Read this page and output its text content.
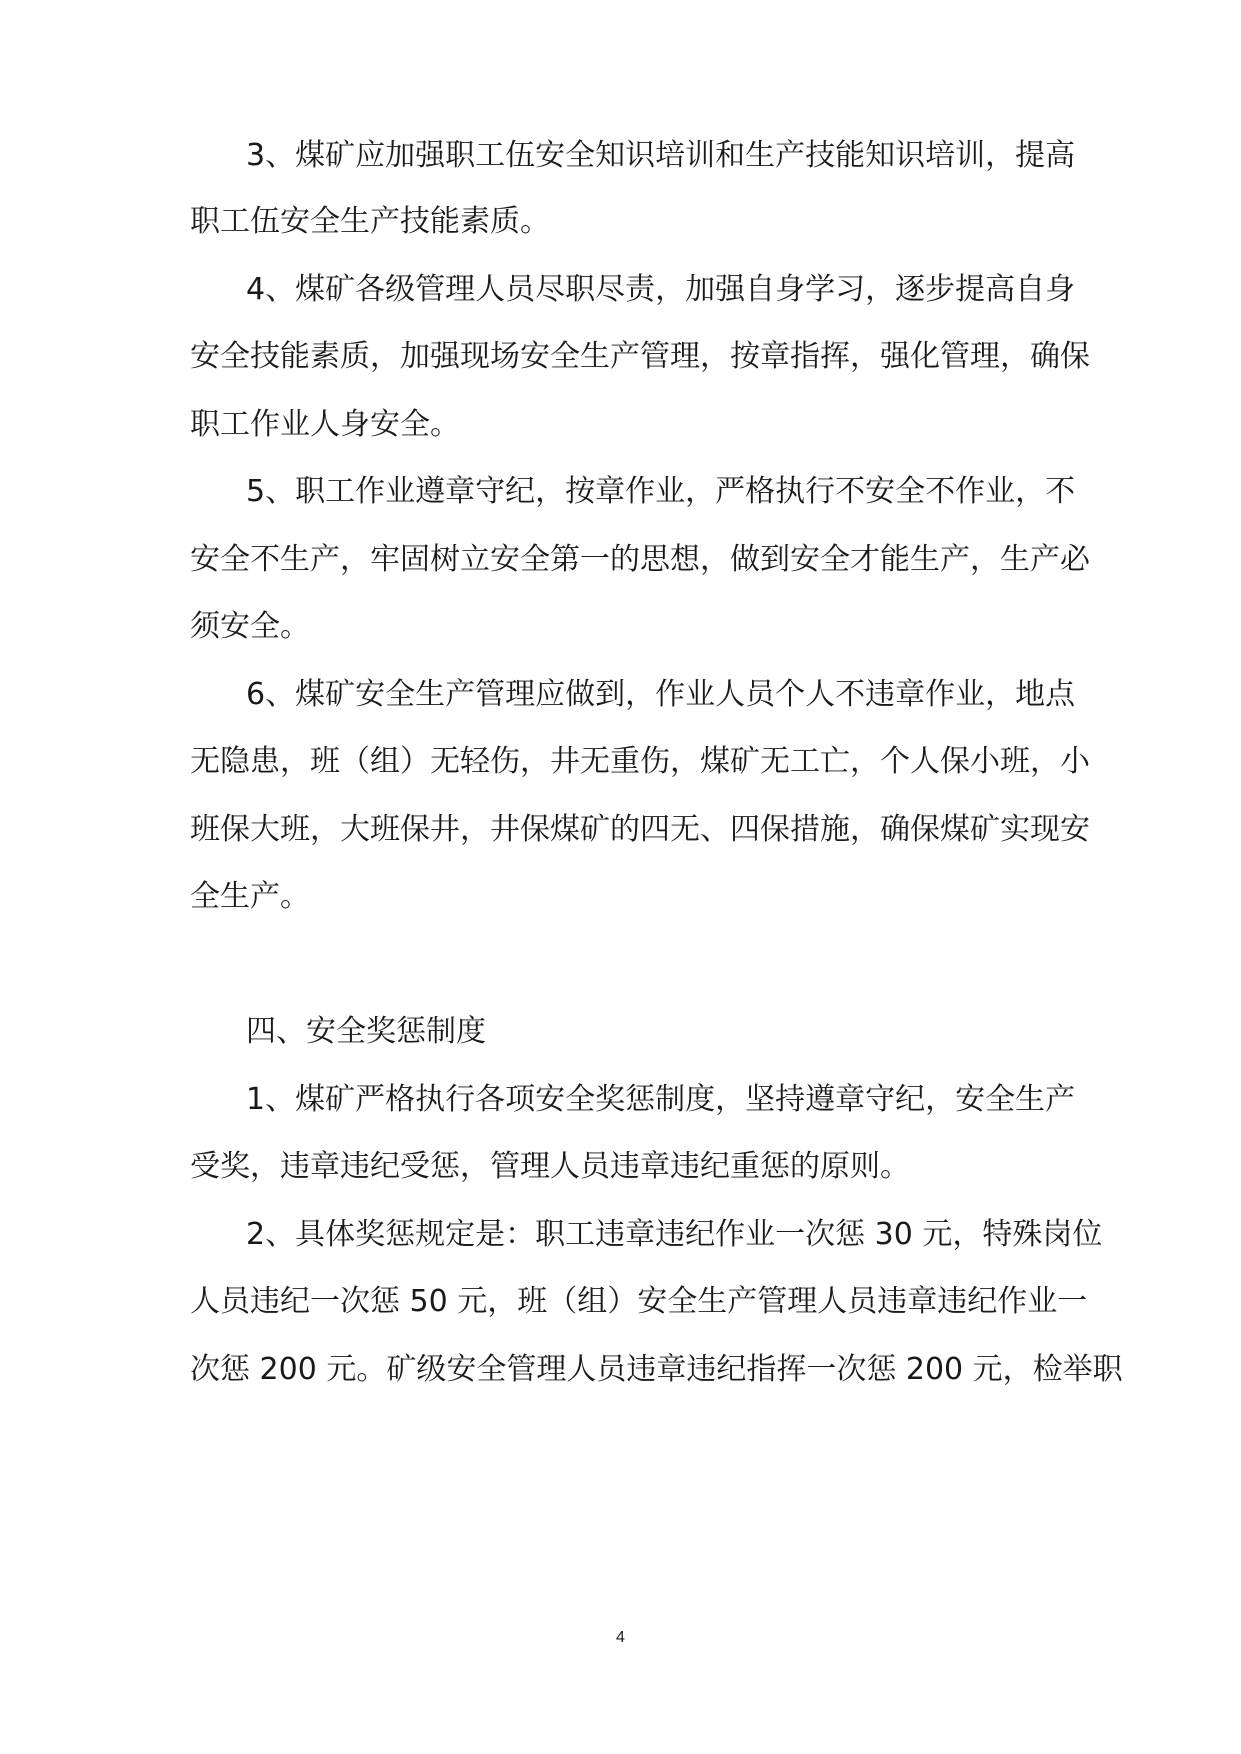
3、煤矿应加强职工伍安全知识培训和生产技能知识培训，提高
职工伍安全生产技能素质。
4、煤矿各级管理人员尽职尽责，加强自身学习，逐步提高自身
安全技能素质，加强现场安全生产管理，按章指挥，强化管理，确保
职工作业人身安全。
5、职工作业遵章守纪，按章作业，严格执行不安全不作业，不
安全不生产，牢固树立安全第一的思想，做到安全才能生产，生产必
须安全。
6、煤矿安全生产管理应做到，作业人员个人不违章作业，地点
无隐患，班（组）无轻伤，井无重伤，煤矿无工亡，个人保小班，小
班保大班，大班保井，井保煤矿的四无、四保措施，确保煤矿实现安
全生产。
四、安全奖惩制度
1、煤矿严格执行各项安全奖惩制度，坚持遵章守纪，安全生产
受奖，违章违纪受惩，管理人员违章违纪重惩的原则。
2、具体奖惩规定是：职工违章违纪作业一次惩 30 元，特殊岗位
人员违纪一次惩 50 元，班（组）安全生产管理人员违章违纪作业一
次惩 200 元。矿级安全管理人员违章违纪指挥一次惩 200 元，检举职
4
